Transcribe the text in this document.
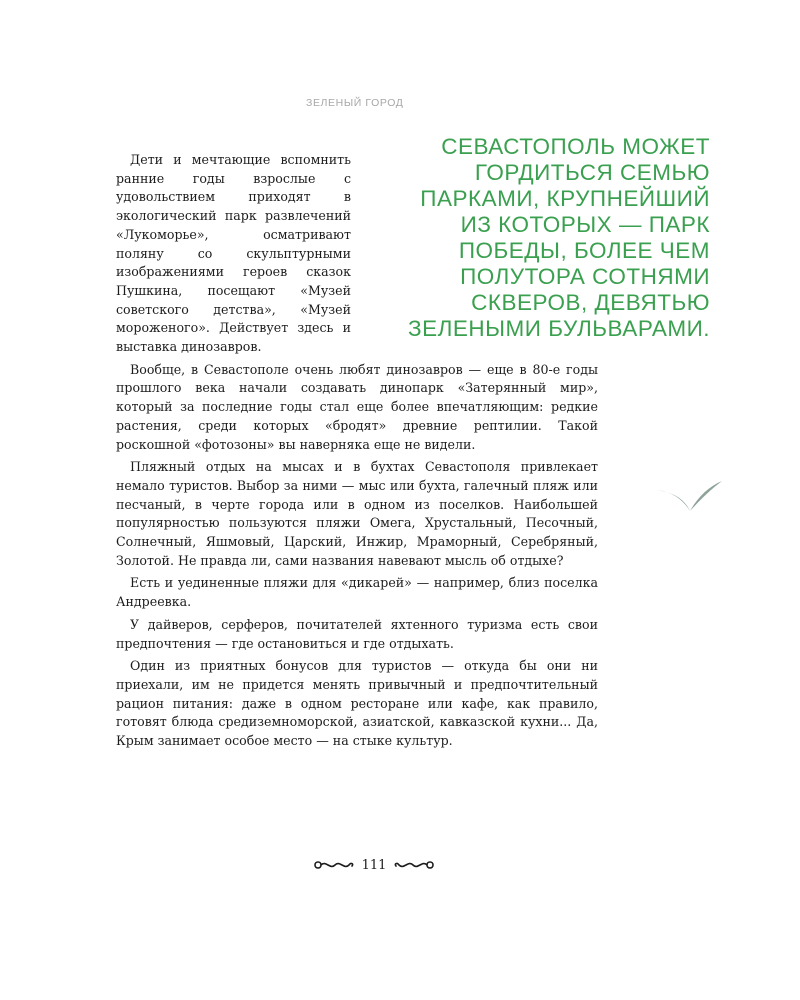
ЗЕЛЕНЫЙ ГОРОД

СЕВАСТОПОЛЬ МОЖЕТ ГОРДИТЬСЯ СЕМЬЮ ПАРКАМИ, КРУПНЕЙШИЙ ИЗ КОТОРЫХ — ПАРК ПОБЕДЫ, БОЛЕЕ ЧЕМ ПОЛУТОРА СОТНЯМИ СКВЕРОВ, ДЕВЯТЬЮ ЗЕЛЕНЫМИ БУЛЬВАРАМИ.

Дети и мечтающие вспомнить ранние годы взрослые с удовольствием приходят в экологический парк развлечений «Лукоморье», осматривают поляну со скульптурными изображениями героев сказок Пушкина, посещают «Музей советского детства», «Музей мороженого». Действует здесь и выставка динозавров.

Вообще, в Севастополе очень любят динозавров — еще в 80-е годы прошлого века начали создавать динопарк «Затерянный мир», который за последние годы стал еще более впечатляющим: редкие растения, среди которых «бродят» древние рептилии. Такой роскошной «фотозоны» вы наверняка еще не видели.

Пляжный отдых на мысах и в бухтах Севастополя привлекает немало туристов. Выбор за ними — мыс или бухта, галечный пляж или песчаный, в черте города или в одном из поселков. Наибольшей популярностью пользуются пляжи Омега, Хрустальный, Песочный, Солнечный, Яшмовый, Царский, Инжир, Мраморный, Серебряный, Золотой. Не правда ли, сами названия навевают мысль об отдыхе?

Есть и уединенные пляжи для «дикарей» — например, близ поселка Андреевка.

У дайверов, серферов, почитателей яхтенного туризма есть свои предпочтения — где остановиться и где отдыхать.

Один из приятных бонусов для туристов — откуда бы они ни приехали, им не придется менять привычный и предпочтительный рацион питания: даже в одном ресторане или кафе, как правило, готовят блюда средиземноморской, азиатской, кавказской кухни... Да, Крым занимает особое место — на стыке культур.

111
